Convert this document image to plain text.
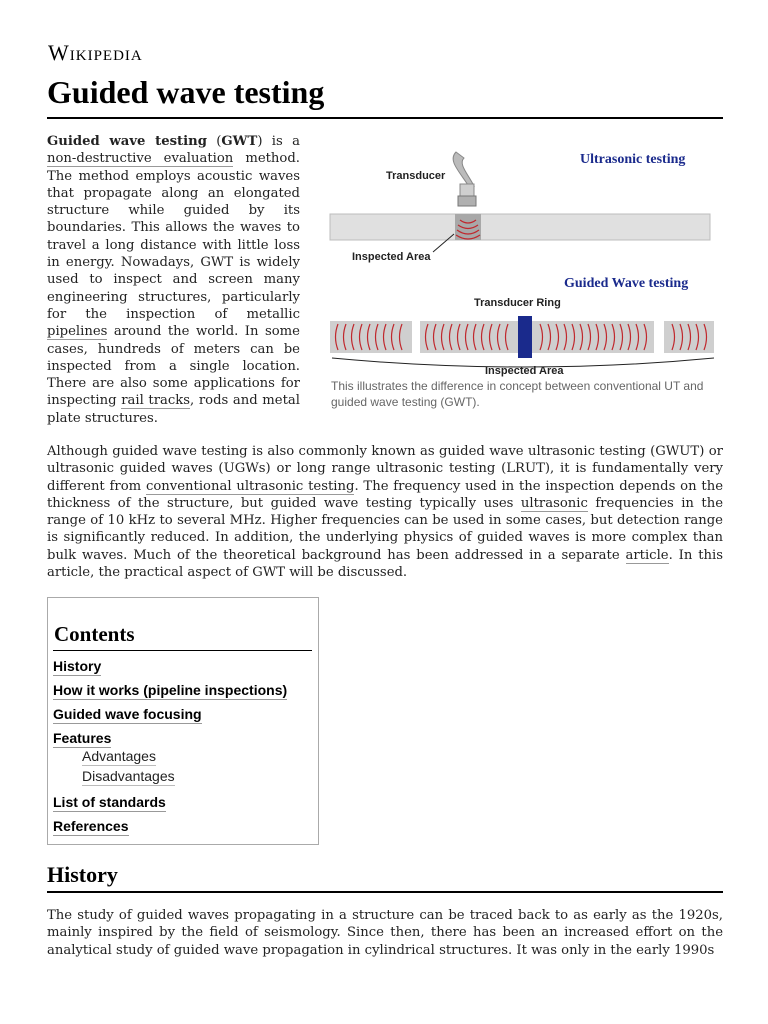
Wikipedia
Guided wave testing

Guided wave testing (GWT) is a non-destructive evaluation method. The method employs acoustic waves that propagate along an elongated structure while guided by its boundaries. This allows the waves to travel a long distance with little loss in energy. Nowadays, GWT is widely used to inspect and screen many engineering structures, particularly for the inspection of metallic pipelines around the world. In some cases, hundreds of meters can be inspected from a single location. There are also some applications for inspecting rail tracks, rods and metal plate structures.

Transducer
Ultrasonic testing
Inspected Area
Guided Wave testing
Transducer Ring
Inspected Area
This illustrates the difference in concept between conventional UT and guided wave testing (GWT).

Although guided wave testing is also commonly known as guided wave ultrasonic testing (GWUT) or ultrasonic guided waves (UGWs) or long range ultrasonic testing (LRUT), it is fundamentally very different from conventional ultrasonic testing. The frequency used in the inspection depends on the thickness of the structure, but guided wave testing typically uses ultrasonic frequencies in the range of 10 kHz to several MHz. Higher frequencies can be used in some cases, but detection range is significantly reduced. In addition, the underlying physics of guided waves is more complex than bulk waves. Much of the theoretical background has been addressed in a separate article. In this article, the practical aspect of GWT will be discussed.

Contents
History
How it works (pipeline inspections)
Guided wave focusing
Features
Advantages
Disadvantages
List of standards
References
History

The study of guided waves propagating in a structure can be traced back to as early as the 1920s, mainly inspired by the field of seismology. Since then, there has been an increased effort on the analytical study of guided wave propagation in cylindrical structures. It was only in the early 1990s
